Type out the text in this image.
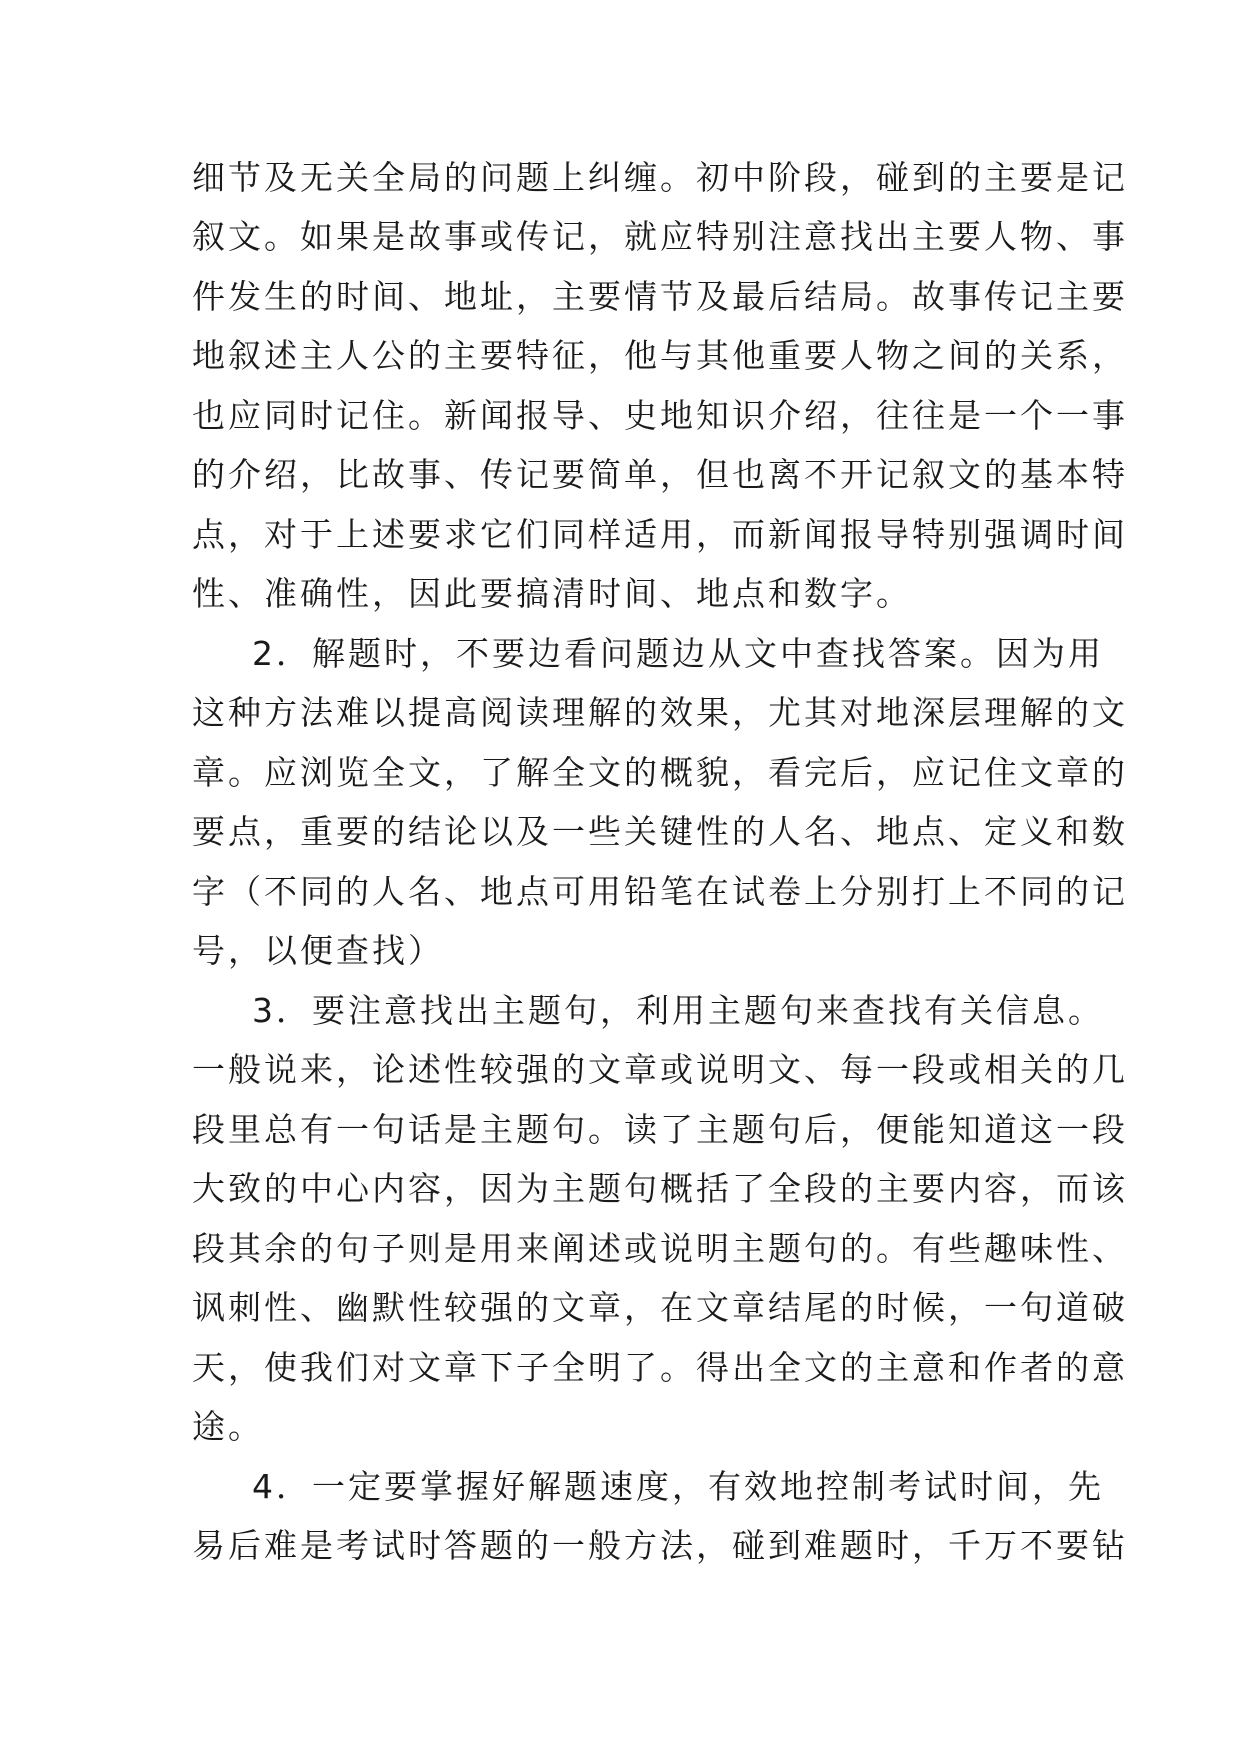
细节及无关全局的问题上纠缠。初中阶段，碰到的主要是记
叙文。如果是故事或传记，就应特别注意找出主要人物、事
件发生的时间、地址，主要情节及最后结局。故事传记主要
地叙述主人公的主要特征，他与其他重要人物之间的关系，
也应同时记住。新闻报导、史地知识介绍，往往是一个一事
的介绍，比故事、传记要简单，但也离不开记叙文的基本特
点，对于上述要求它们同样适用，而新闻报导特别强调时间
性、准确性，因此要搞清时间、地点和数字。
2．解题时，不要边看问题边从文中查找答案。因为用
这种方法难以提高阅读理解的效果，尤其对地深层理解的文
章。应浏览全文，了解全文的概貌，看完后，应记住文章的
要点，重要的结论以及一些关键性的人名、地点、定义和数
字（不同的人名、地点可用铅笔在试卷上分别打上不同的记
号，以便查找）
3．要注意找出主题句，利用主题句来查找有关信息。
一般说来，论述性较强的文章或说明文、每一段或相关的几
段里总有一句话是主题句。读了主题句后，便能知道这一段
大致的中心内容，因为主题句概括了全段的主要内容，而该
段其余的句子则是用来阐述或说明主题句的。有些趣味性、
讽刺性、幽默性较强的文章，在文章结尾的时候，一句道破
天，使我们对文章下子全明了。得出全文的主意和作者的意
途。
4．一定要掌握好解题速度，有效地控制考试时间，先
易后难是考试时答题的一般方法，碰到难题时，千万不要钻
